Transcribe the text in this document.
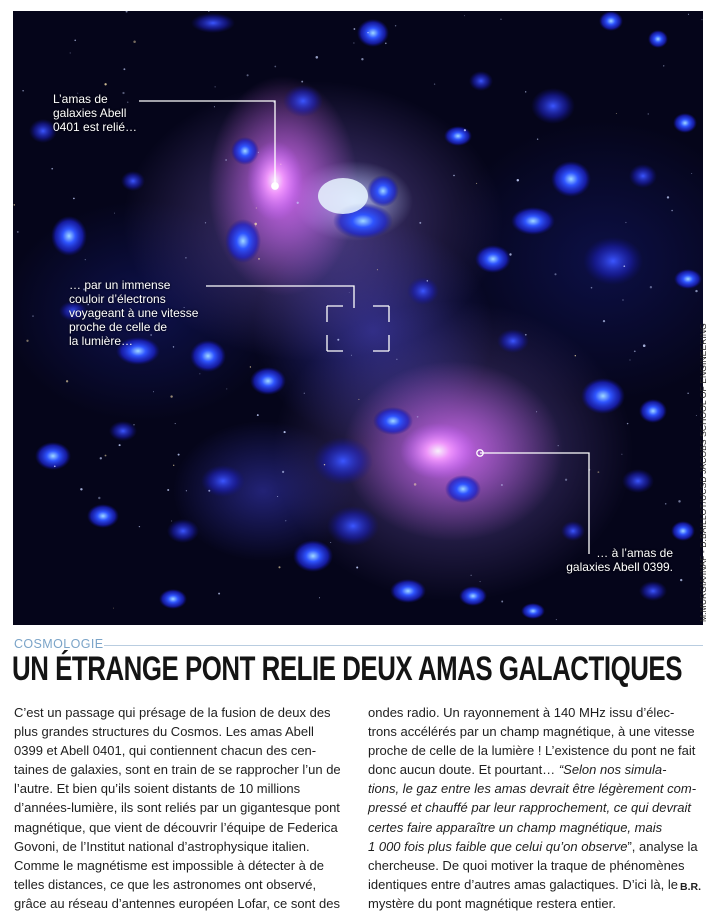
L’amas de
galaxies Abell
0401 est relié…
… par un immense
couloir d’électrons
voyageant à une vitesse
proche de celle de
la lumière…
… à l’amas de
galaxies Abell 0399.	M.MURGIA/INAF - D.BAILLOT/UCSD JACOBS SCHOOL OF ENGINEERING
COSMOLOGIE
UN ÉTRANGE PONT RELIE DEUX AMAS GALACTIQUES
C’est un passage qui présage de la fusion de deux des
plus grandes structures du Cosmos. Les amas Abell
0399 et Abell 0401, qui contiennent chacun des cen-
taines de galaxies, sont en train de se rapprocher l’un de
l’autre. Et bien qu’ils soient distants de 10 millions
d’années-lumière, ils sont reliés par un gigantesque pont
magnétique, que vient de découvrir l’équipe de Federica
Govoni, de l’Institut national d’astrophysique italien.
Comme le magnétisme est impossible à détecter à de
telles distances, ce que les astronomes ont observé,
grâce au réseau d’antennes européen Lofar, ce sont des
ondes radio. Un rayonnement à 140 MHz issu d’élec-
trons accélérés par un champ magnétique, à une vitesse
proche de celle de la lumière ! L’existence du pont ne fait
donc aucun doute. Et pourtant… “Selon nos simula-
tions, le gaz entre les amas devrait être légèrement com-
pressé et chauffé par leur rapprochement, ce qui devrait
certes faire apparaître un champ magnétique, mais
1 000 fois plus faible que celui qu’on observe”, analyse la
chercheuse. De quoi motiver la traque de phénomènes
identiques entre d’autres amas galactiques. D’ici là, le
mystère du pont magnétique restera entier.
B.R.
